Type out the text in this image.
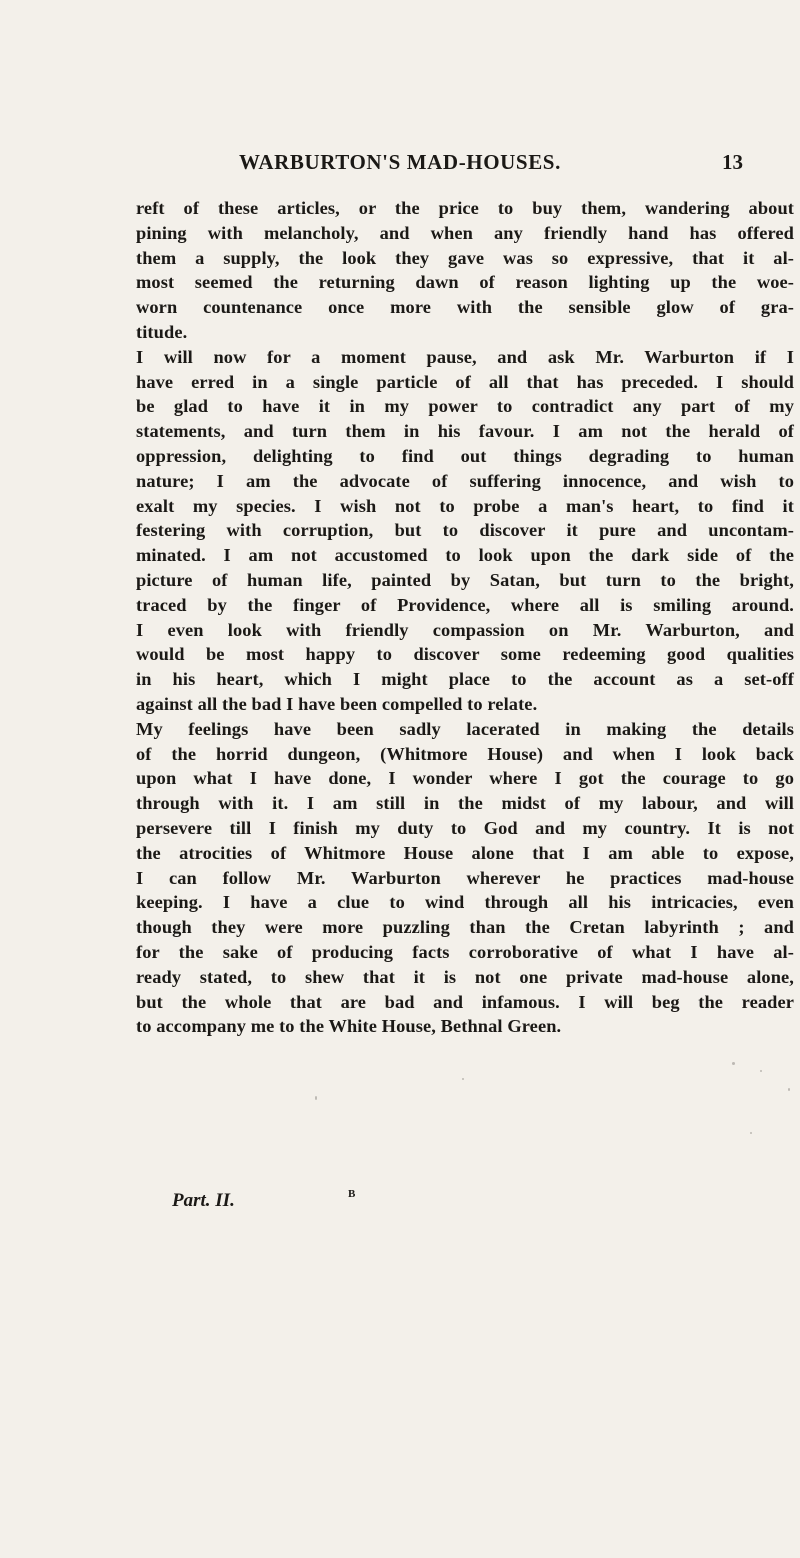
WARBURTON'S MAD-HOUSES.	13
reft of these articles, or the price to buy them, wandering about
pining with melancholy, and when any friendly hand has offered
them a supply, the look they gave was so expressive, that it al-
most seemed the returning dawn of reason lighting up the woe-
worn countenance once more with the sensible glow of gra-
titude.
I will now for a moment pause, and ask Mr. Warburton if I
have erred in a single particle of all that has preceded. I should
be glad to have it in my power to contradict any part of my
statements, and turn them in his favour. I am not the herald of
oppression, delighting to find out things degrading to human
nature; I am the advocate of suffering innocence, and wish to
exalt my species. I wish not to probe a man's heart, to find it
festering with corruption, but to discover it pure and uncontam-
minated. I am not accustomed to look upon the dark side of the
picture of human life, painted by Satan, but turn to the bright,
traced by the finger of Providence, where all is smiling around.
I even look with friendly compassion on Mr. Warburton, and
would be most happy to discover some redeeming good qualities
in his heart, which I might place to the account as a set-off
against all the bad I have been compelled to relate.
My feelings have been sadly lacerated in making the details
of the horrid dungeon, (Whitmore House) and when I look back
upon what I have done, I wonder where I got the courage to go
through with it. I am still in the midst of my labour, and will
persevere till I finish my duty to God and my country. It is not
the atrocities of Whitmore House alone that I am able to expose,
I can follow Mr. Warburton wherever he practices mad-house
keeping. I have a clue to wind through all his intricacies, even
though they were more puzzling than the Cretan labyrinth ; and
for the sake of producing facts corroborative of what I have al-
ready stated, to shew that it is not one private mad-house alone,
but the whole that are bad and infamous. I will beg the reader
to accompany me to the White House, Bethnal Green.
Part. II.	B
